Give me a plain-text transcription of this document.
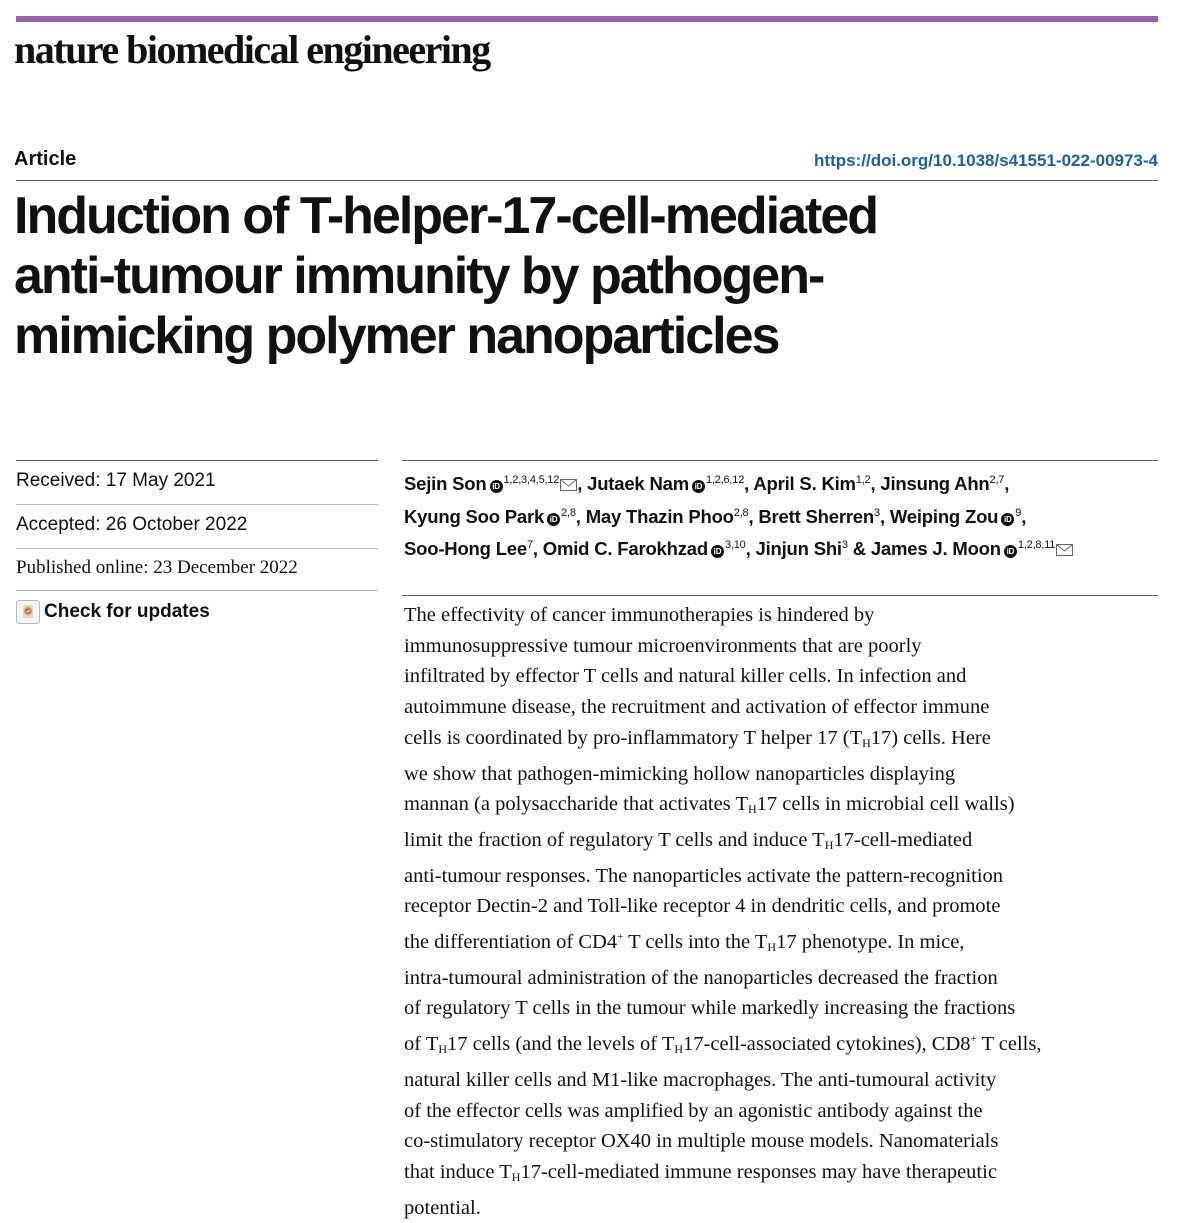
nature biomedical engineering
Article	https://doi.org/10.1038/s41551-022-00973-4
Induction of T-helper-17-cell-mediated
anti-tumour immunity by pathogen-
mimicking polymer nanoparticles
Received: 17 May 2021
Accepted: 26 October 2022
Published online: 23 December 2022
Check for updates
Sejin Son iD$^{1,2,3,4,5,12}$ , Jutaek Nam iD$^{1,2,6,12}$, April S. Kim$^{1,2}$, Jinsung Ahn$^{2,7}$,
Kyung Soo Park iD$^{2,8}$, May Thazin Phoo$^{2,8}$, Brett Sherren$^3$, Weiping Zou iD$^9$,
Soo-Hong Lee$^7$, Omid C. Farokhzad iD$^{3,10}$, Jinjun Shi$^3$ & James J. Moon iD$^{1,2,8,11}$
The effectivity of cancer immunotherapies is hindered by
immunosuppressive tumour microenvironments that are poorly
infiltrated by effector T cells and natural killer cells. In infection and
autoimmune disease, the recruitment and activation of effector immune
cells is coordinated by pro-inflammatory T helper 17 $(T_H17)$ cells. Here
we show that pathogen-mimicking hollow nanoparticles displaying
mannan (a polysaccharide that activates $T_H17$ cells in microbial cell walls)
limit the fraction of regulatory T cells and induce $T_H17-cell$-mediated
anti-tumour responses. The nanoparticles activate the pattern-recognition
receptor Dectin-2 and Toll-like receptor 4 in dendritic cells, and promote
the differentiation of CD4+ T cells into the $T_H17$ phenotype. In mice,
intra-tumoural administration of the nanoparticles decreased the fraction
of regulatory T cells in the tumour while markedly increasing the fractions
of $T_H17$ cells (and the levels of $T_H17-cell$-associated cytokines), CD8+ T cells,
natural killer cells and M1-like macrophages. The anti-tumoural activity
of the effector cells was amplified by an agonistic antibody against the
co-stimulatory receptor OX40 in multiple mouse models. Nanomaterials
that induce $T_H17-cell$-mediated immune responses may have therapeutic
potential.
